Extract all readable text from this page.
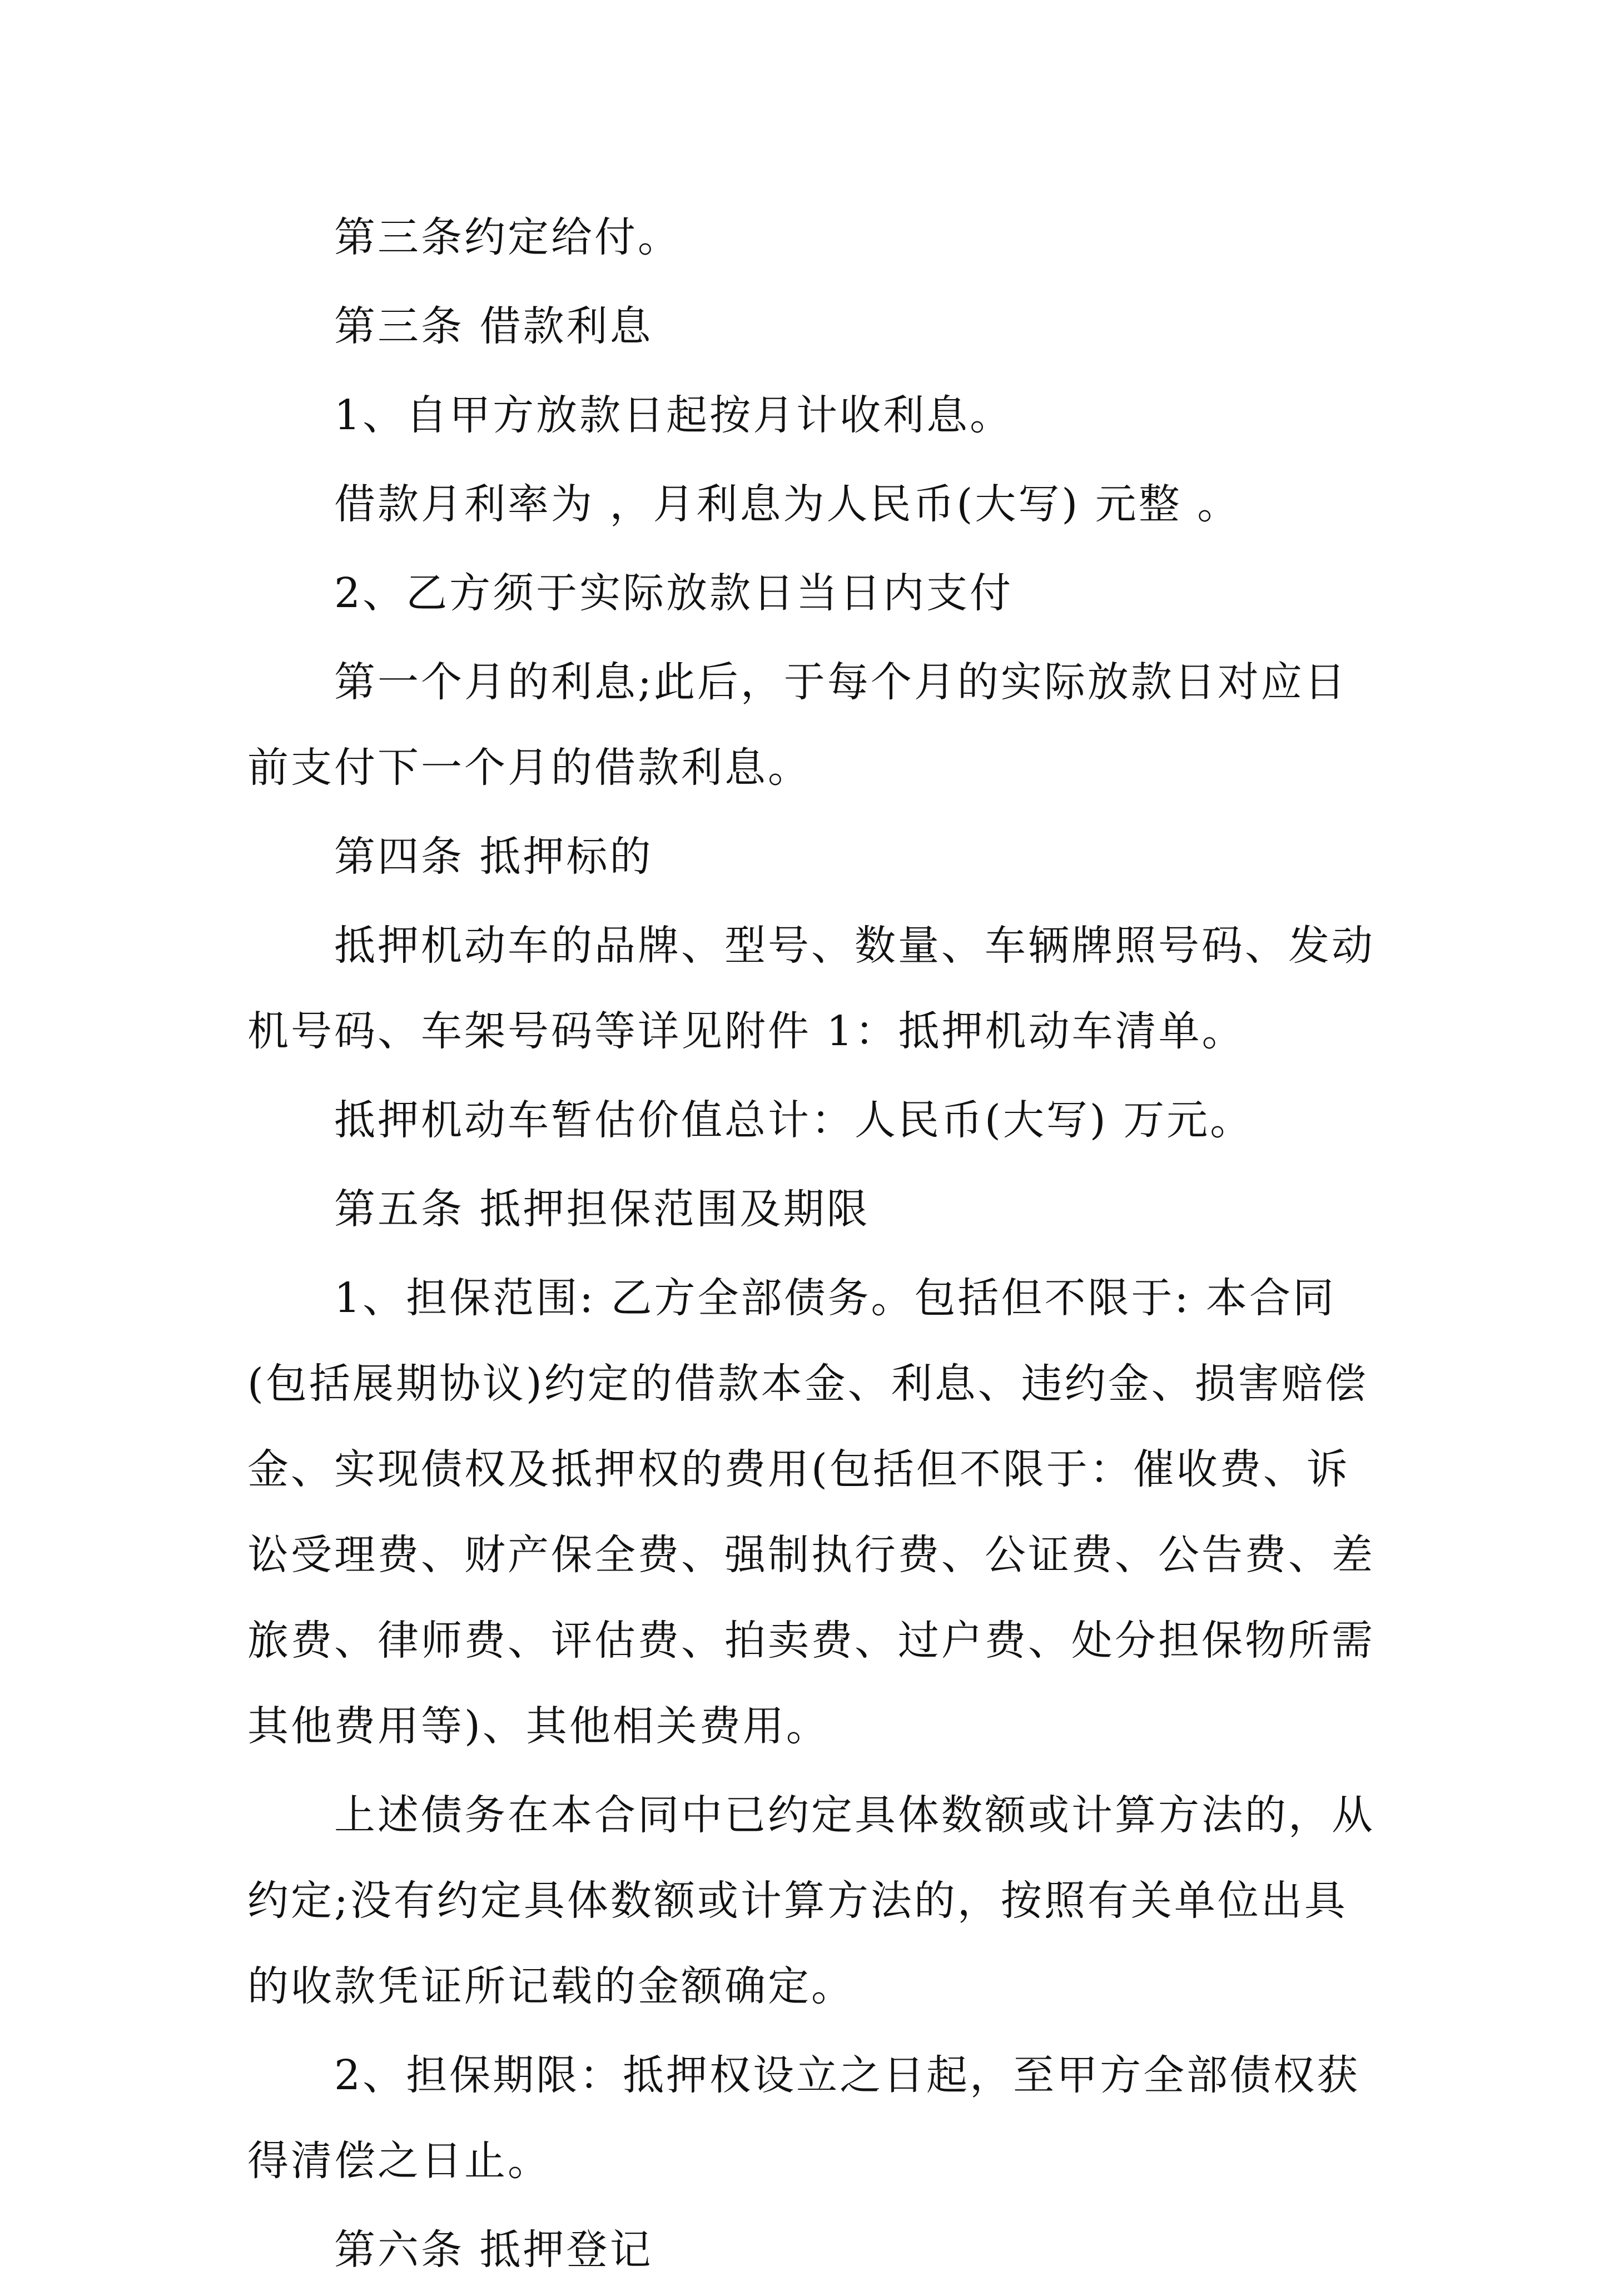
第三条约定给付。

第三条 借款利息

1、自甲方放款日起按月计收利息。

借款月利率为 ，月利息为人民币(大写) 元整 。

2、乙方须于实际放款日当日内支付

第一个月的利息;此后，于每个月的实际放款日对应日前支付下一个月的借款利息。

第四条 抵押标的

抵押机动车的品牌、型号、数量、车辆牌照号码、发动机号码、车架号码等详见附件 1：抵押机动车清单。

抵押机动车暂估价值总计：人民币(大写) 万元。

第五条 抵押担保范围及期限

1、担保范围: 乙方全部债务。包括但不限于: 本合同(包括展期协议)约定的借款本金、利息、违约金、损害赔偿金、实现债权及抵押权的费用(包括但不限于：催收费、诉讼受理费、财产保全费、强制执行费、公证费、公告费、差旅费、律师费、评估费、拍卖费、过户费、处分担保物所需其他费用等)、其他相关费用。

上述债务在本合同中已约定具体数额或计算方法的，从约定;没有约定具体数额或计算方法的，按照有关单位出具的收款凭证所记载的金额确定。

2、担保期限：抵押权设立之日起，至甲方全部债权获得清偿之日止。

第六条 抵押登记
